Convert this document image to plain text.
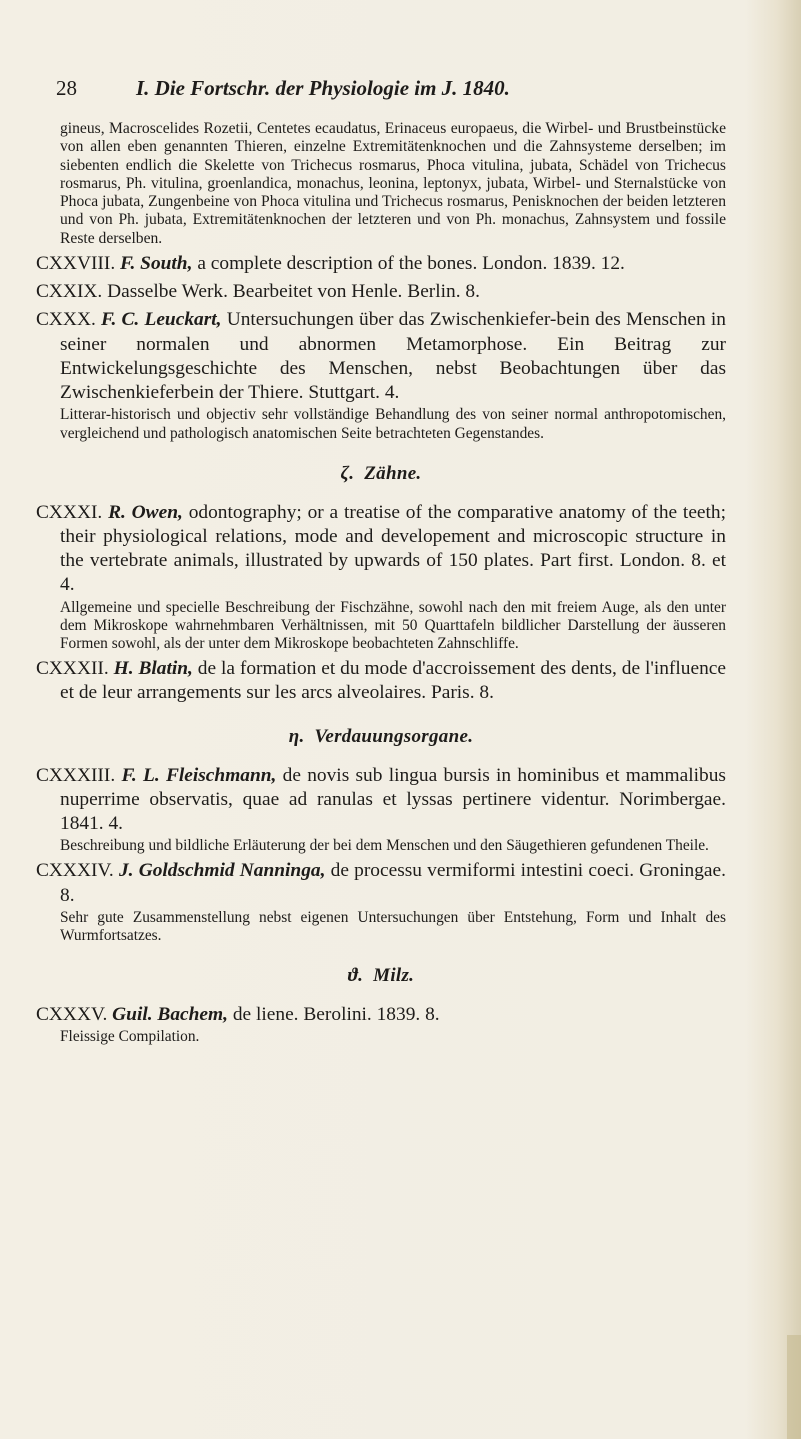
28	I. Die Fortschr. der Physiologie im J. 1840.

gineus, Macroscelides Rozetii, Centetes ecaudatus, Erinaceus europaeus, die Wirbel- und Brustbeinstücke von allen eben genannten Thieren, einzelne Extremitätenknochen und die Zahnsysteme derselben; im siebenten endlich die Skelette von Trichecus rosmarus, Phoca vitulina, jubata, Schädel von Trichecus rosmarus, Ph. vitulina, groenlandica, monachus, leonina, leptonyx, jubata, Wirbel- und Sternalstücke von Phoca jubata, Zungenbeine von Phoca vitulina und Trichecus rosmarus, Penisknochen der beiden letzteren und von Ph. jubata, Extremitätenknochen der letzteren und von Ph. monachus, Zahnsystem und fossile Reste derselben.

CXXVIII. F. South, a complete description of the bones. London. 1839. 12.

CXXIX. Dasselbe Werk. Bearbeitet von Henle. Berlin. 8.

CXXX. F. C. Leuckart, Untersuchungen über das Zwischenkiefer-bein des Menschen in seiner normalen und abnormen Metamorphose. Ein Beitrag zur Entwickelungsgeschichte des Menschen, nebst Beobachtungen über das Zwischenkieferbein der Thiere. Stuttgart. 4.

Litterar-historisch und objectiv sehr vollständige Behandlung des von seiner normal anthropotomischen, vergleichend und pathologisch anatomischen Seite betrachteten Gegenstandes.

ζ. Zähne.

CXXXI. R. Owen, odontography; or a treatise of the comparative anatomy of the teeth; their physiological relations, mode and developement and microscopic structure in the vertebrate animals, illustrated by upwards of 150 plates. Part first. London. 8. et 4.

Allgemeine und specielle Beschreibung der Fischzähne, sowohl nach den mit freiem Auge, als den unter dem Mikroskope wahrnehmbaren Verhältnissen, mit 50 Quarttafeln bildlicher Darstellung der äusseren Formen sowohl, als der unter dem Mikroskope beobachteten Zahnschliffe.

CXXXII. H. Blatin, de la formation et du mode d'accroissement des dents, de l'influence et de leur arrangements sur les arcs alveolaires. Paris. 8.

η. Verdauungsorgane.

CXXXIII. F. L. Fleischmann, de novis sub lingua bursis in hominibus et mammalibus nuperrime observatis, quae ad ranulas et lyssas pertinere videntur. Norimbergae. 1841. 4.

Beschreibung und bildliche Erläuterung der bei dem Menschen und den Säugethieren gefundenen Theile.

CXXXIV. J. Goldschmid Nanninga, de processu vermiformi intestini coeci. Groningae. 8.

Sehr gute Zusammenstellung nebst eigenen Untersuchungen über Entstehung, Form und Inhalt des Wurmfortsatzes.

ϑ. Milz.

CXXXV. Guil. Bachem, de liene. Berolini. 1839. 8.

Fleissige Compilation.
